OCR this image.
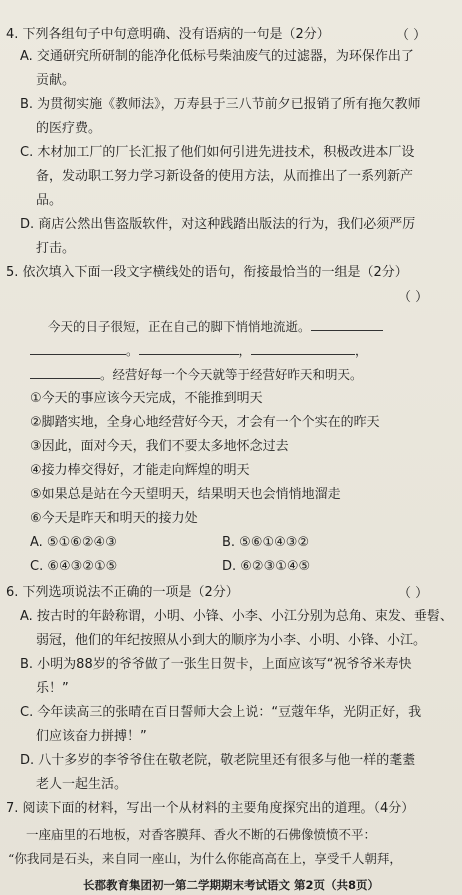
4. 下列各组句子中句意明确、没有语病的一句是（2分）	（ ）
A. 交通研究所研制的能净化低标号柴油废气的过滤器，为环保作出了
贡献。
B. 为贯彻实施《教师法》，万寿县于三八节前夕已报销了所有拖欠教师
的医疗费。
C. 木材加工厂的厂长汇报了他们如何引进先进技术，积极改进本厂设
备，发动职工努力学习新设备的使用方法，从而推出了一系列新产
品。
D. 商店公然出售盗版软件，对这种践踏出版法的行为，我们必须严厉
打击。
5. 依次填入下面一段文字横线处的语句，衔接最恰当的一组是（2分）
（ ）
今天的日子很短，正在自己的脚下悄悄地流逝。
。	，	，
。经营好每一个今天就等于经营好昨天和明天。
①今天的事应该今天完成，不能推到明天
②脚踏实地，全身心地经营好今天，才会有一个个实在的昨天
③因此，面对今天，我们不要太多地怀念过去
④接力棒交得好，才能走向辉煌的明天
⑤如果总是站在今天望明天，结果明天也会悄悄地溜走
⑥今天是昨天和明天的接力处
A. ⑤①⑥②④③	B. ⑤⑥①④③②
C. ⑥④③②①⑤	D. ⑥②③①④⑤
6. 下列选项说法不正确的一项是（2分）	（ ）
A. 按古时的年龄称谓，小明、小锋、小李、小江分别为总角、束发、垂髫、
弱冠，他们的年纪按照从小到大的顺序为小李、小明、小锋、小江。
B. 小明为88岁的爷爷做了一张生日贺卡，上面应该写“祝爷爷米寿快
乐！”
C. 今年读高三的张晴在百日誓师大会上说：“豆蔻年华，光阴正好，我
们应该奋力拼搏！”
D. 八十多岁的李爷爷住在敬老院，敬老院里还有很多与他一样的耄耋
老人一起生活。
7. 阅读下面的材料，写出一个从材料的主要角度探究出的道理。（4分）
一座庙里的石地板，对香客膜拜、香火不断的石佛像愤愤不平：
“你我同是石头，来自同一座山，为什么你能高高在上，享受千人朝拜，
长郡教育集团初一第二学期期末考试语文 第2页（共8页）
